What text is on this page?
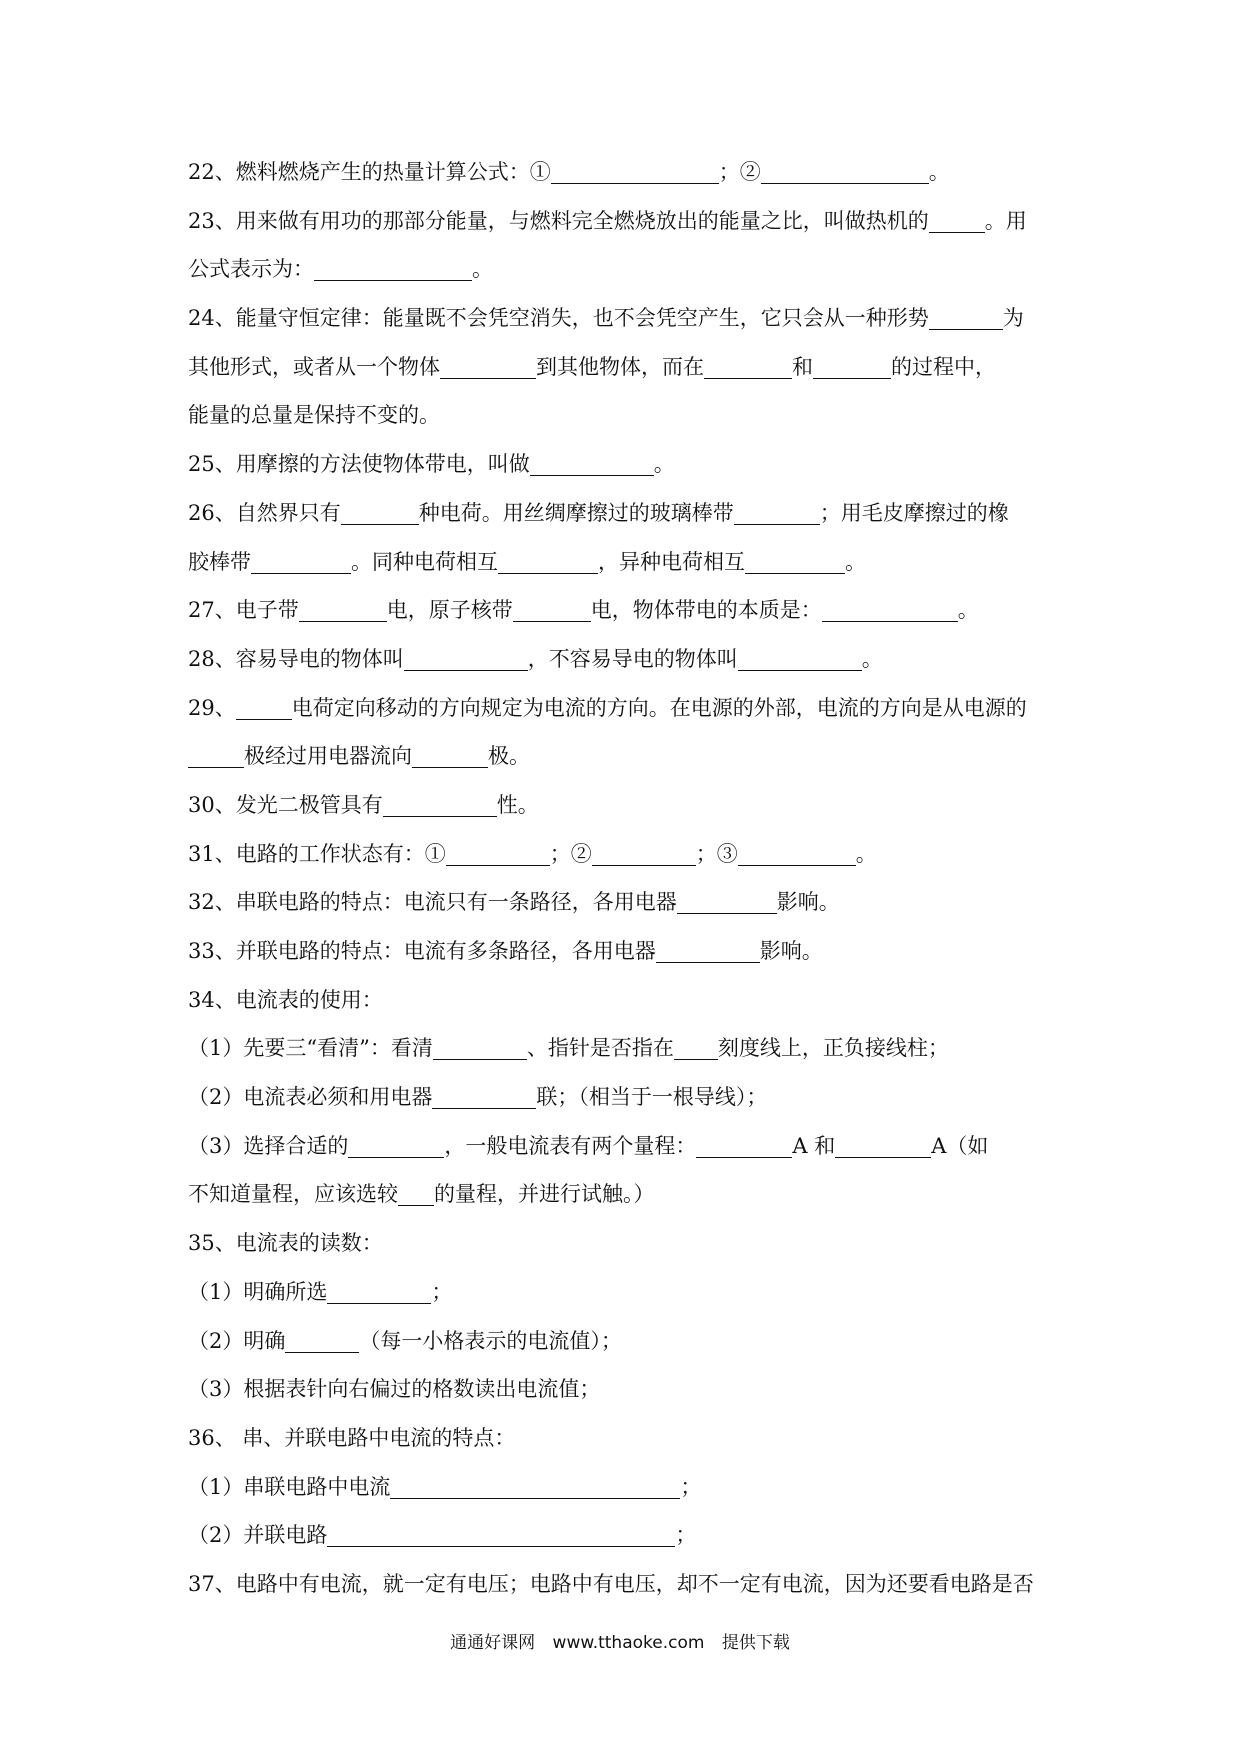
22、燃料燃烧产生的热量计算公式：①	；②	。
23、用来做有用功的那部分能量，与燃料完全燃烧放出的能量之比，叫做热机的	。用
公式表示为：	。
24、能量守恒定律：能量既不会凭空消失，也不会凭空产生，它只会从一种形势	为
其他形式，或者从一个物体	到其他物体，而在	和	的过程中，
能量的总量是保持不变的。
25、用摩擦的方法使物体带电，叫做	。
26、自然界只有	种电荷。用丝绸摩擦过的玻璃棒带	；用毛皮摩擦过的橡
胶棒带	。同种电荷相互	，异种电荷相互	。
27、电子带	电，原子核带	电，物体带电的本质是：	。
28、容易导电的物体叫	，不容易导电的物体叫	。
29、	电荷定向移动的方向规定为电流的方向。在电源的外部，电流的方向是从电源的
极经过用电器流向	极。
30、发光二极管具有	性。
31、电路的工作状态有：①	；②	；③	。
32、串联电路的特点：电流只有一条路径，各用电器	影响。
33、并联电路的特点：电流有多条路径，各用电器	影响。
34、电流表的使用：
（1）先要三“看清”：看清	、指针是否指在 刻度线上，正负接线柱；
（2）电流表必须和用电器	联；（相当于一根导线）；
（3）选择合适的	，一般电流表有两个量程：	A 和	A（如
不知道量程，应该选较 的量程，并进行试触。）
35、电流表的读数：
（1）明确所选	；
（2）明确	（每一小格表示的电流值）；
（3）根据表针向右偏过的格数读出电流值；
36、 串、并联电路中电流的特点：
（1）串联电路中电流	；
（2）并联电路	；
37、电路中有电流，就一定有电压；电路中有电压，却不一定有电流，因为还要看电路是否
通通好课网 www.tthaoke.com 提供下载
